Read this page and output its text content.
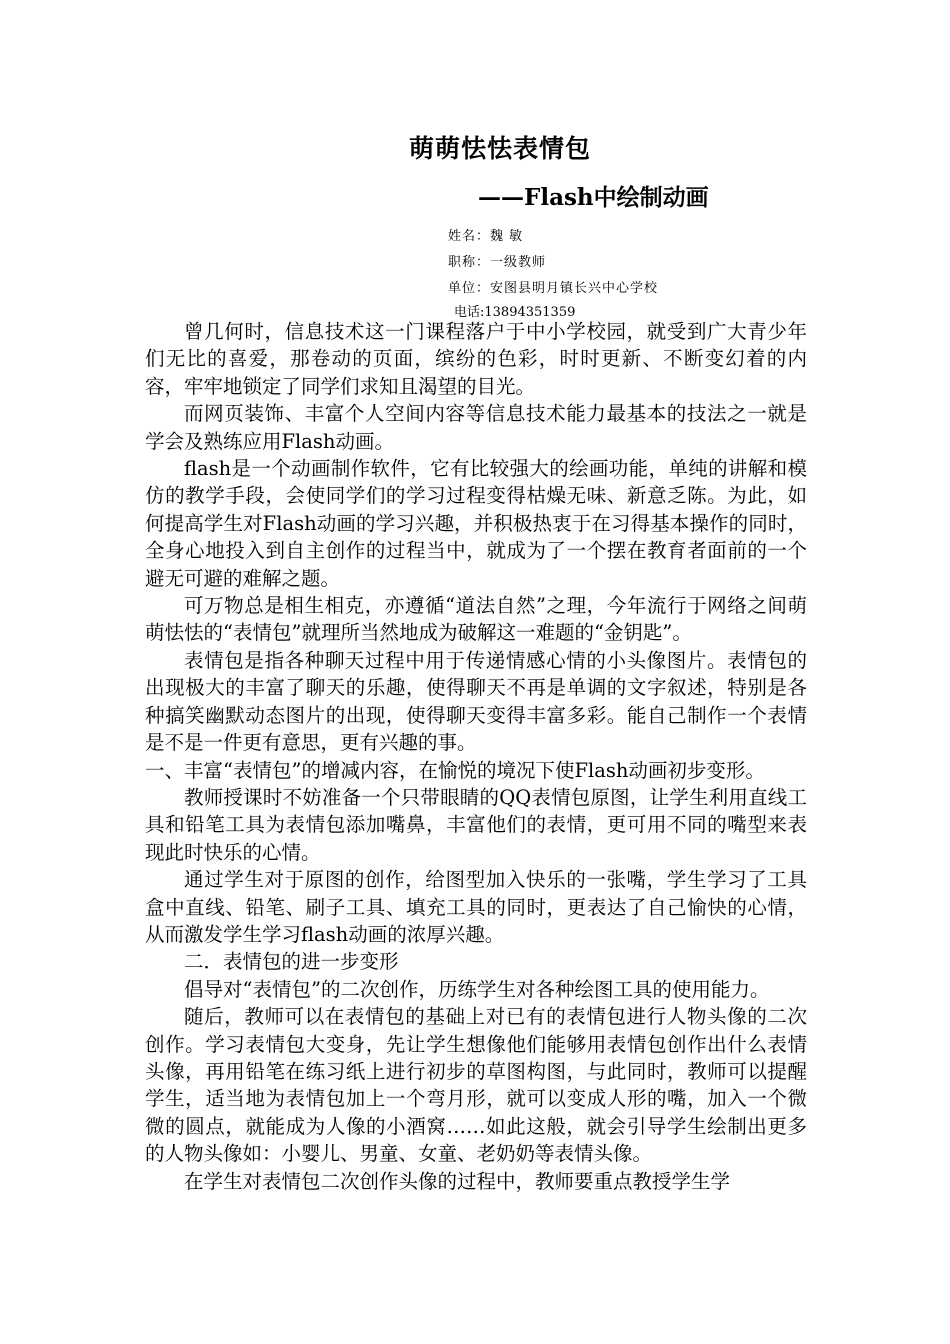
萌萌怯怯表情包
——Flash中绘制动画
姓名：魏 敏
职称：一级教师
单位：安图县明月镇长兴中心学校
电话:13894351359

曾几何时，信息技术这一门课程落户于中小学校园，就受到广大青少年们无比的喜爱，那卷动的页面，缤纷的色彩，时时更新、不断变幻着的内容，牢牢地锁定了同学们求知且渴望的目光。

而网页装饰、丰富个人空间内容等信息技术能力最基本的技法之一就是学会及熟练应用Flash动画。

flash是一个动画制作软件，它有比较强大的绘画功能，单纯的讲解和模仿的教学手段，会使同学们的学习过程变得枯燥无味、新意乏陈。为此，如何提高学生对Flash动画的学习兴趣，并积极热衷于在习得基本操作的同时，全身心地投入到自主创作的过程当中，就成为了一个摆在教育者面前的一个避无可避的难解之题。

可万物总是相生相克，亦遵循“道法自然”之理，今年流行于网络之间萌萌怯怯的“表情包”就理所当然地成为破解这一难题的“金钥匙”。

表情包是指各种聊天过程中用于传递情感心情的小头像图片。表情包的出现极大的丰富了聊天的乐趣，使得聊天不再是单调的文字叙述，特别是各种搞笑幽默动态图片的出现，使得聊天变得丰富多彩。能自己制作一个表情是不是一件更有意思，更有兴趣的事。

一、丰富“表情包”的增减内容，在愉悦的境况下使Flash动画初步变形。

教师授课时不妨准备一个只带眼睛的QQ表情包原图，让学生利用直线工具和铅笔工具为表情包添加嘴鼻，丰富他们的表情，更可用不同的嘴型来表现此时快乐的心情。

通过学生对于原图的创作，给图型加入快乐的一张嘴，学生学习了工具盒中直线、铅笔、刷子工具、填充工具的同时，更表达了自己愉快的心情，从而激发学生学习flash动画的浓厚兴趣。

二．表情包的进一步变形

倡导对“表情包”的二次创作，历练学生对各种绘图工具的使用能力。

随后，教师可以在表情包的基础上对已有的表情包进行人物头像的二次创作。学习表情包大变身，先让学生想像他们能够用表情包创作出什么表情头像，再用铅笔在练习纸上进行初步的草图构图，与此同时，教师可以提醒学生，适当地为表情包加上一个弯月形，就可以变成人形的嘴，加入一个微微的圆点，就能成为人像的小酒窝……如此这般，就会引导学生绘制出更多的人物头像如：小婴儿、男童、女童、老奶奶等表情头像。

在学生对表情包二次创作头像的过程中，教师要重点教授学生学
